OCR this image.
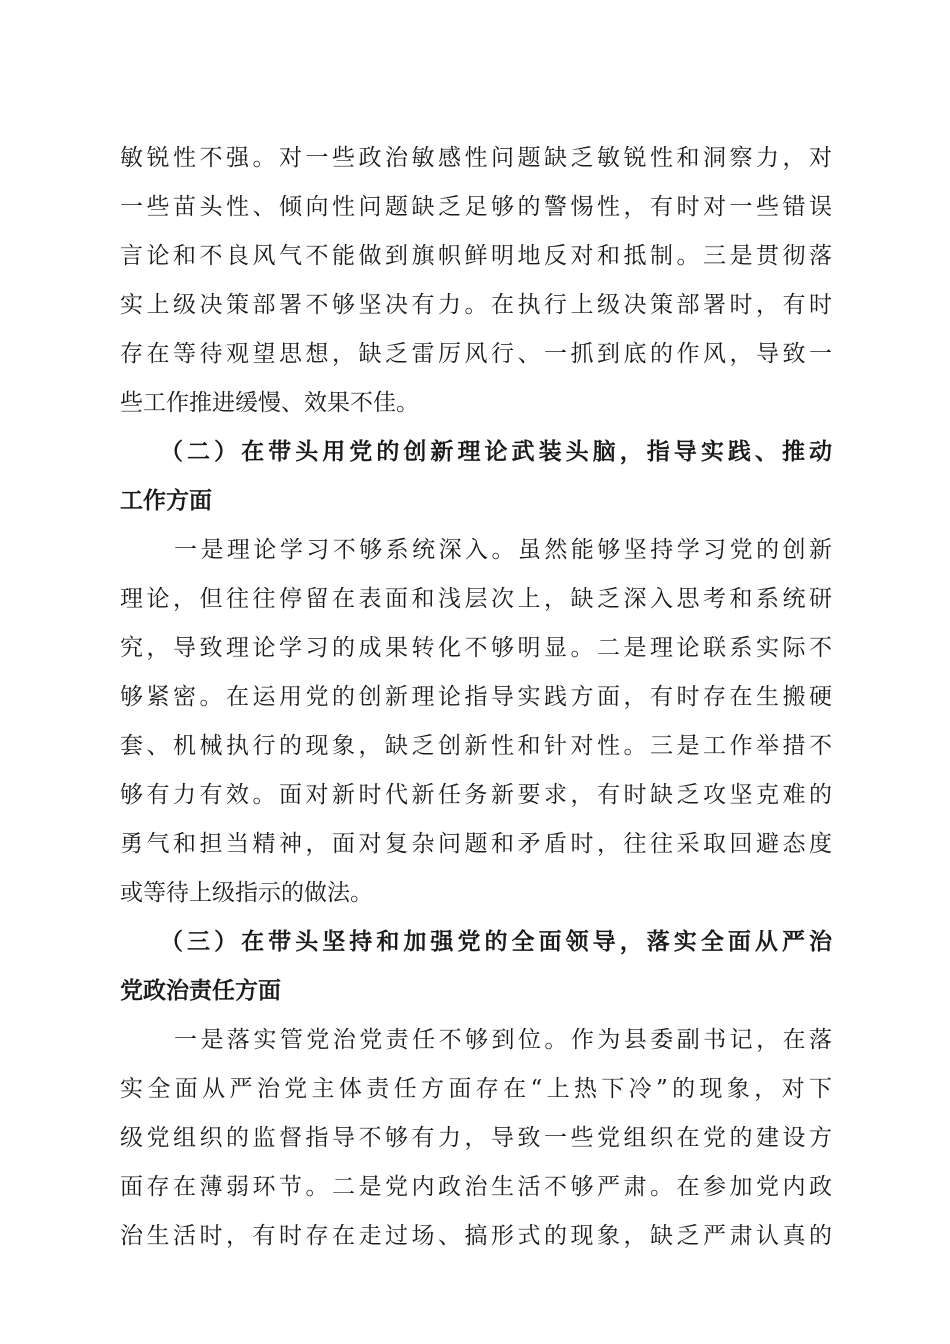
敏锐性不强。对一些政治敏感性问题缺乏敏锐性和洞察力，对
一些苗头性、倾向性问题缺乏足够的警惕性，有时对一些错误
言论和不良风气不能做到旗帜鲜明地反对和抵制。三是贯彻落
实上级决策部署不够坚决有力。在执行上级决策部署时，有时
存在等待观望思想，缺乏雷厉风行、一抓到底的作风，导致一
些工作推进缓慢、效果不佳。
（二）在带头用党的创新理论武装头脑，指导实践、推动
工作方面
一是理论学习不够系统深入。虽然能够坚持学习党的创新
理论，但往往停留在表面和浅层次上，缺乏深入思考和系统研
究，导致理论学习的成果转化不够明显。二是理论联系实际不
够紧密。在运用党的创新理论指导实践方面，有时存在生搬硬
套、机械执行的现象，缺乏创新性和针对性。三是工作举措不
够有力有效。面对新时代新任务新要求，有时缺乏攻坚克难的
勇气和担当精神，面对复杂问题和矛盾时，往往采取回避态度
或等待上级指示的做法。
（三）在带头坚持和加强党的全面领导，落实全面从严治
党政治责任方面
一是落实管党治党责任不够到位。作为县委副书记，在落
实全面从严治党主体责任方面存在“上热下冷”的现象，对下
级党组织的监督指导不够有力，导致一些党组织在党的建设方
面存在薄弱环节。二是党内政治生活不够严肃。在参加党内政
治生活时，有时存在走过场、搞形式的现象，缺乏严肃认真的
